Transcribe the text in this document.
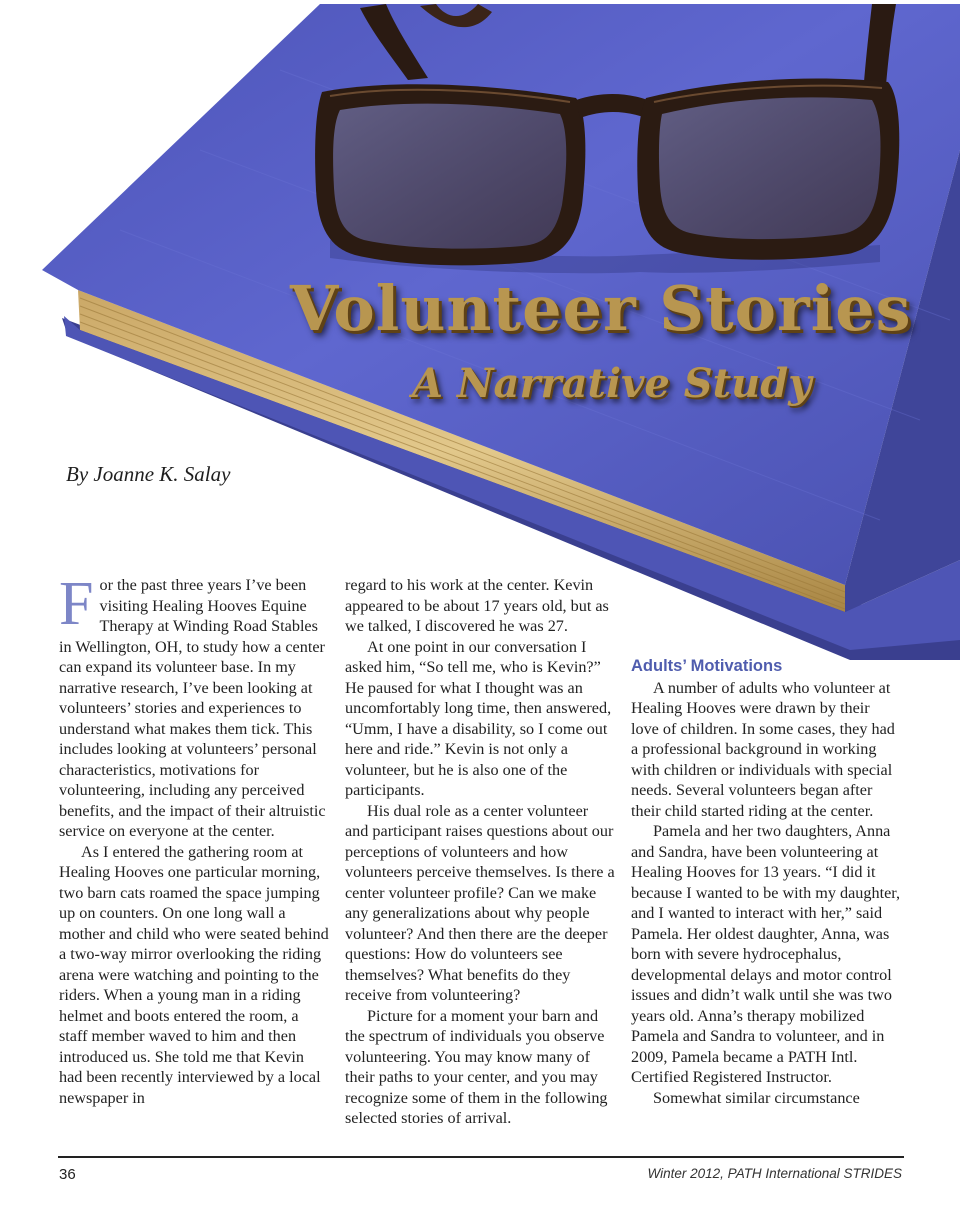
Volunteer Stories
A Narrative Study
By Joanne K. Salay

For the past three years I’ve been visiting Healing Hooves Equine Therapy at Winding Road Stables in Wellington, OH, to study how a center can expand its volunteer base. In my narrative research, I’ve been looking at volunteers’ stories and experiences to understand what makes them tick. This includes looking at volunteers’ personal characteristics, motivations for volunteering, including any perceived benefits, and the impact of their altruistic service on everyone at the center.

As I entered the gathering room at Healing Hooves one particular morning, two barn cats roamed the space jumping up on counters. On one long wall a mother and child who were seated behind a two-way mirror overlooking the riding arena were watching and pointing to the riders. When a young man in a riding helmet and boots entered the room, a staff member waved to him and then introduced us. She told me that Kevin had been recently interviewed by a local newspaper in

regard to his work at the center. Kevin appeared to be about 17 years old, but as we talked, I discovered he was 27.

At one point in our conversation I asked him, “So tell me, who is Kevin?” He paused for what I thought was an uncomfortably long time, then answered, “Umm, I have a disability, so I come out here and ride.” Kevin is not only a volunteer, but he is also one of the participants.

His dual role as a center volunteer and participant raises questions about our perceptions of volunteers and how volunteers perceive themselves. Is there a center volunteer profile? Can we make any generalizations about why people volunteer? And then there are the deeper questions: How do volunteers see themselves? What benefits do they receive from volunteering?

Picture for a moment your barn and the spectrum of individuals you observe volunteering. You may know many of their paths to your center, and you may recognize some of them in the following selected stories of arrival.

Adults’ Motivations

A number of adults who volunteer at Healing Hooves were drawn by their love of children. In some cases, they had a professional background in working with children or individuals with special needs. Several volunteers began after their child started riding at the center.

Pamela and her two daughters, Anna and Sandra, have been volunteering at Healing Hooves for 13 years. “I did it because I wanted to be with my daughter, and I wanted to interact with her,” said Pamela. Her oldest daughter, Anna, was born with severe hydrocephalus, developmental delays and motor control issues and didn’t walk until she was two years old. Anna’s therapy mobilized Pamela and Sandra to volunteer, and in 2009, Pamela became a PATH Intl. Certified Registered Instructor.

Somewhat similar circumstance

36	Winter 2012, PATH International STRIDES
